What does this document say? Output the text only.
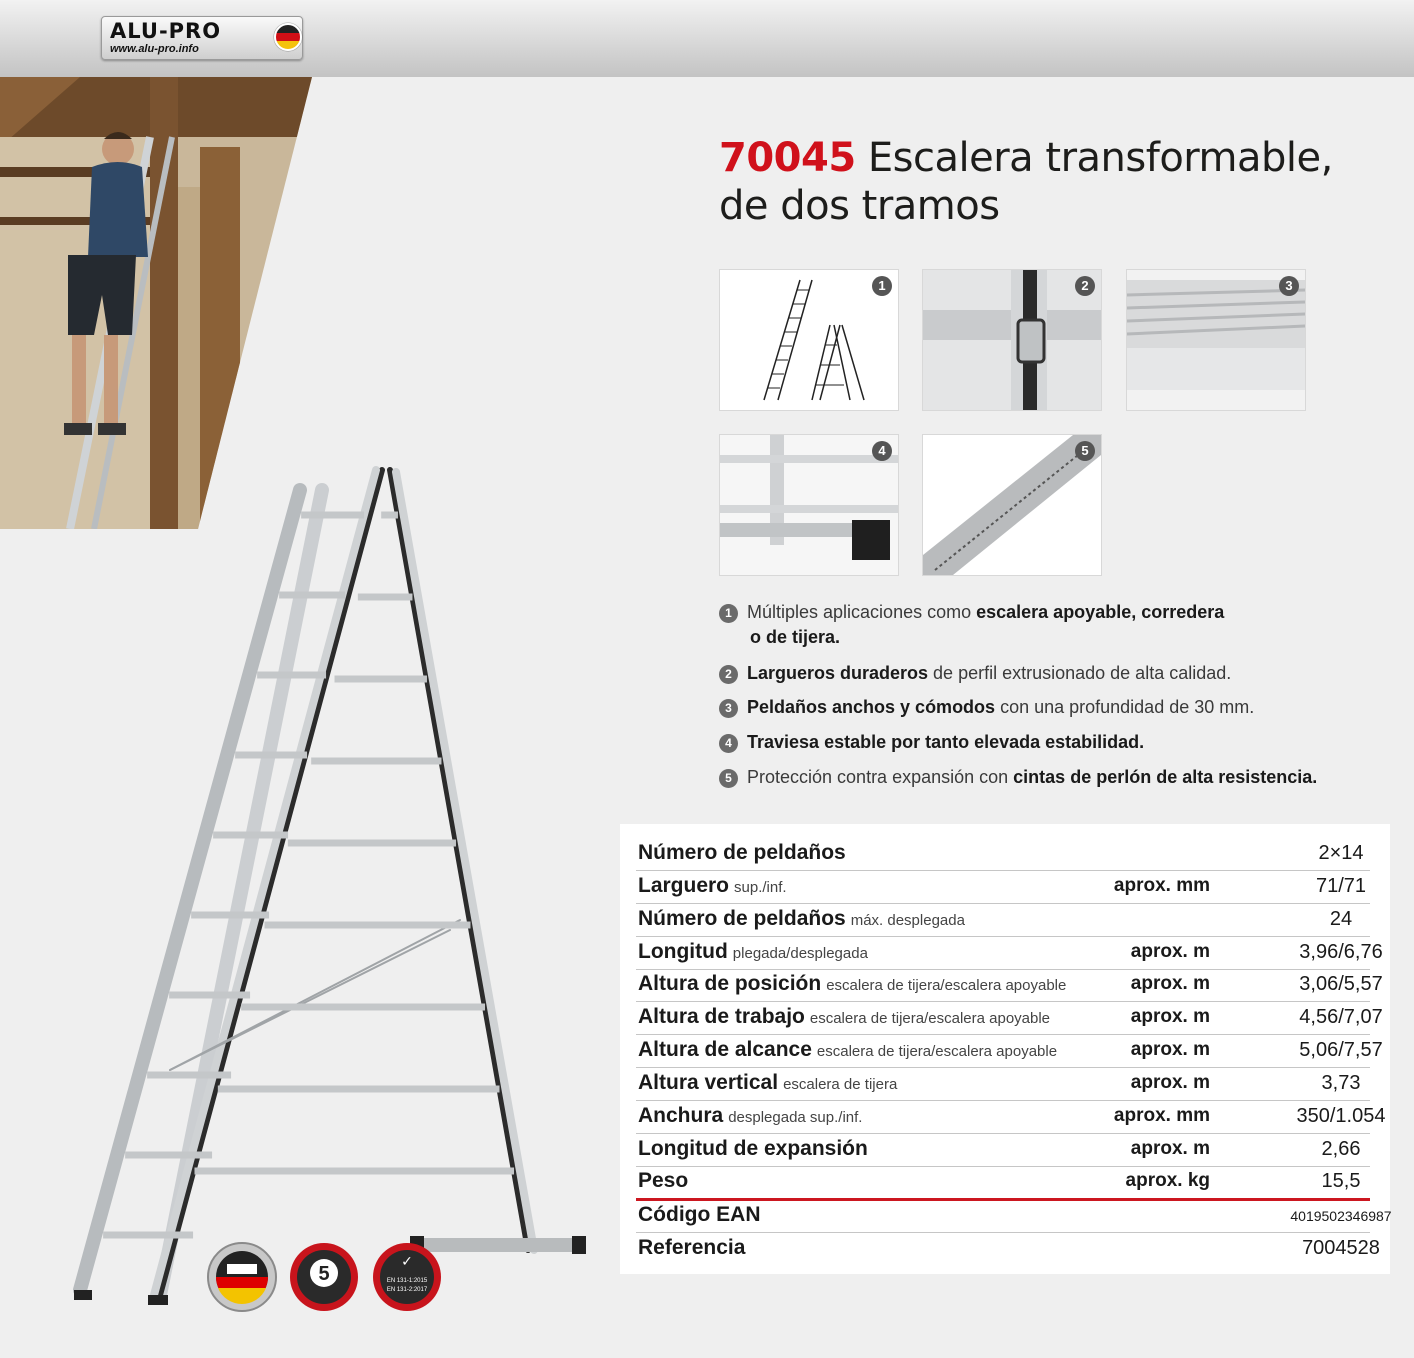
ALU-PRO
www.alu-pro.info
5
✓
EN 131-1:2015
EN 131-2:2017
70045 Escalera transformable,
de dos tramos
1	2	3
4	5
1 Múltiples aplicaciones como escalera apoyable, corredera
o de tijera.
2 Largueros duraderos de perfil extrusionado de alta calidad.
3 Peldaños anchos y cómodos con una profundidad de 30 mm.
4 Traviesa estable por tanto elevada estabilidad.
5 Protección contra expansión con cintas de perlón de alta resistencia.
Número de peldaños	2×14
Larguero sup./inf.	aprox. mm	71/71
Número de peldaños máx. desplegada	24
Longitud plegada/desplegada	aprox. m	3,96/6,76
Altura de posición escalera de tijera/escalera apoyable	aprox. m	3,06/5,57
Altura de trabajo escalera de tijera/escalera apoyable	aprox. m	4,56/7,07
Altura de alcance escalera de tijera/escalera apoyable	aprox. m	5,06/7,57
Altura vertical escalera de tijera	aprox. m	3,73
Anchura desplegada sup./inf.	aprox. mm	350/1.054
Longitud de expansión	aprox. m	2,66
Peso	aprox. kg	15,5
Código EAN	4019502346987
Referencia	7004528
